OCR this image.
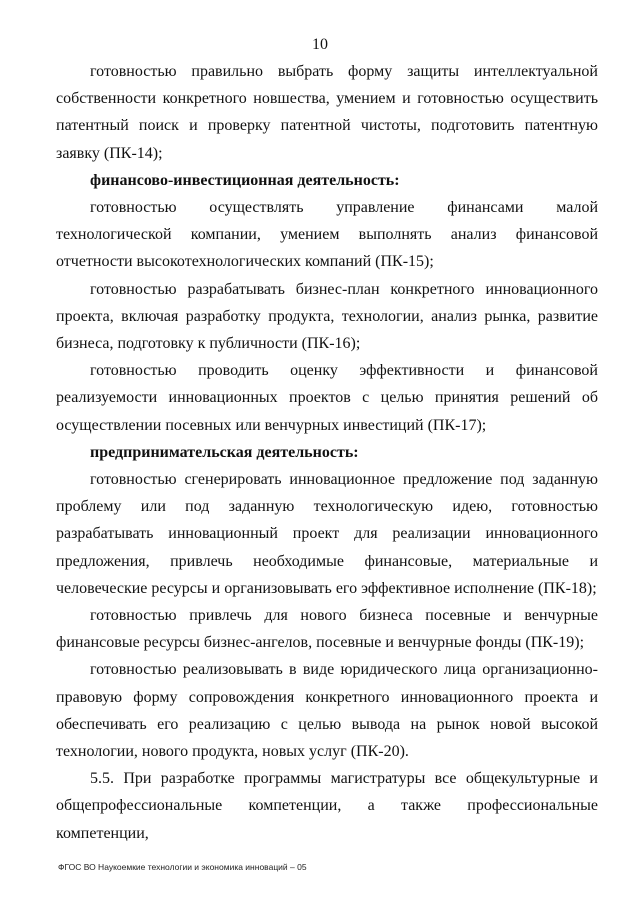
10

готовностью правильно выбрать форму защиты интеллектуальной собственности конкретного новшества, умением и готовностью осуществить патентный поиск и проверку патентной чистоты, подготовить патентную заявку (ПК-14);

финансово-инвестиционная деятельность:

готовностью осуществлять управление финансами малой технологической компании, умением выполнять анализ финансовой отчетности высокотехнологических компаний (ПК-15);

готовностью разрабатывать бизнес-план конкретного инновационного проекта, включая разработку продукта, технологии, анализ рынка, развитие бизнеса, подготовку к публичности (ПК-16);

готовностью проводить оценку эффективности и финансовой реализуемости инновационных проектов с целью принятия решений об осуществлении посевных или венчурных инвестиций (ПК-17);

предпринимательская деятельность:

готовностью сгенерировать инновационное предложение под заданную проблему или под заданную технологическую идею, готовностью разрабатывать инновационный проект для реализации инновационного предложения, привлечь необходимые финансовые, материальные и человеческие ресурсы и организовывать его эффективное исполнение (ПК-18);

готовностью привлечь для нового бизнеса посевные и венчурные финансовые ресурсы бизнес-ангелов, посевные и венчурные фонды (ПК-19);

готовностью реализовывать в виде юридического лица организационно-правовую форму сопровождения конкретного инновационного проекта и обеспечивать его реализацию с целью вывода на рынок новой высокой технологии, нового продукта, новых услуг (ПК-20).

5.5. При разработке программы магистратуры все общекультурные и общепрофессиональные компетенции, а также профессиональные компетенции,

ФГОС ВО Наукоемкие технологии и экономика инноваций – 05
